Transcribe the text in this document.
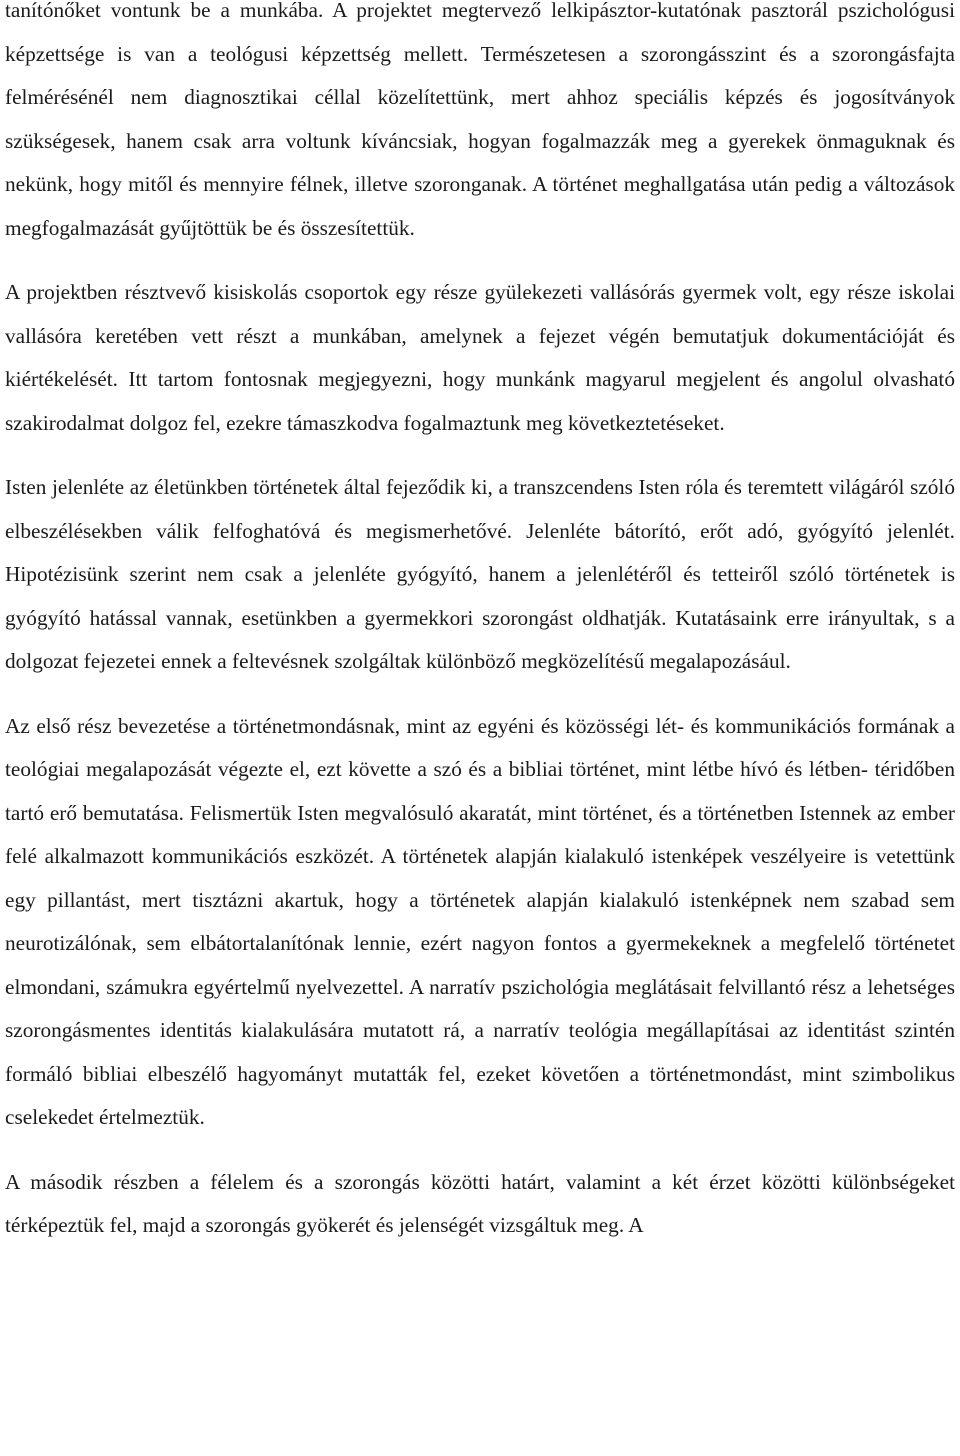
tanítónőket vontunk be a munkába. A projektet megtervező lelkipásztor-kutatónak pasztorál pszichológusi képzettsége is van a teológusi képzettség mellett. Természetesen a szorongásszint és a szorongásfajta felmérésénél nem diagnosztikai céllal közelítettünk, mert ahhoz speciális képzés és jogosítványok szükségesek, hanem csak arra voltunk kíváncsiak, hogyan fogalmazzák meg a gyerekek önmaguknak és nekünk, hogy mitől és mennyire félnek, illetve szoronganak. A történet meghallgatása után pedig a változások megfogalmazását gyűjtöttük be és összesítettük.

A projektben résztvevő kisiskolás csoportok egy része gyülekezeti vallásórás gyermek volt, egy része iskolai vallásóra keretében vett részt a munkában, amelynek a fejezet végén bemutatjuk dokumentációját és kiértékelését. Itt tartom fontosnak megjegyezni, hogy munkánk magyarul megjelent és angolul olvasható szakirodalmat dolgoz fel, ezekre támaszkodva fogalmaztunk meg következtetéseket.

Isten jelenléte az életünkben történetek által fejeződik ki, a transzcendens Isten róla és teremtett világáról szóló elbeszélésekben válik felfoghatóvá és megismerhetővé. Jelenléte bátorító, erőt adó, gyógyító jelenlét. Hipotézisünk szerint nem csak a jelenléte gyógyító, hanem a jelenlétéről és tetteiről szóló történetek is gyógyító hatással vannak, esetünkben a gyermekkori szorongást oldhatják. Kutatásaink erre irányultak, s a dolgozat fejezetei ennek a feltevésnek szolgáltak különböző megközelítésű megalapozásául.

Az első rész bevezetése a történetmondásnak, mint az egyéni és közösségi lét- és kommunikációs formának a teológiai megalapozását végezte el, ezt követte a szó és a bibliai történet, mint létbe hívó és létben- téridőben tartó erő bemutatása. Felismertük Isten megvalósuló akaratát, mint történet, és a történetben Istennek az ember felé alkalmazott kommunikációs eszközét. A történetek alapján kialakuló istenképek veszélyeire is vetettünk egy pillantást, mert tisztázni akartuk, hogy a történetek alapján kialakuló istenképnek nem szabad sem neurotizálónak, sem elbátortalanítónak lennie, ezért nagyon fontos a gyermekeknek a megfelelő történetet elmondani, számukra egyértelmű nyelvezettel. A narratív pszichológia meglátásait felvillantó rész a lehetséges szorongásmentes identitás kialakulására mutatott rá, a narratív teológia megállapításai az identitást szintén formáló bibliai elbeszélő hagyományt mutatták fel, ezeket követően a történetmondást, mint szimbolikus cselekedet értelmeztük.

A második részben a félelem és a szorongás közötti határt, valamint a két érzet közötti különbségeket térképeztük fel, majd a szorongás gyökerét és jelenségét vizsgáltuk meg. A
